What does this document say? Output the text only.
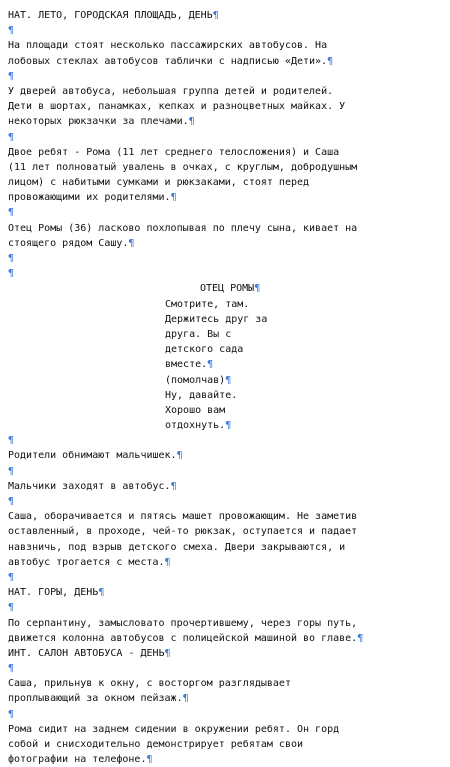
НАТ. ЛЕТО, ГОРОДСКАЯ ПЛОЩАДЬ, ДЕНЬ¶
¶
На площади стоят несколько пассажирских автобусов. На
лобовых стеклах автобусов таблички с надписью «Дети».¶
¶
У дверей автобуса, небольшая группа детей и родителей.
Дети в шортах, панамках, кепках и разноцветных майках. У
некоторых рюкзачки за плечами.¶
¶
Двое ребят - Рома (11 лет среднего телосложения) и Саша
(11 лет полноватый увалень в очках, с круглым, добродушным
лицом) с набитыми сумками и рюкзаками, стоят перед
провожающими их родителями.¶
¶
Отец Ромы (36) ласково похлопывая по плечу сына, кивает на
стоящего рядом Сашу.¶
¶
¶
ОТЕЦ РОМЫ¶
Смотрите, там.
Держитесь друг за
друга. Вы с
детского сада
вместе.¶
(помолчав)¶
Ну, давайте.
Хорошо вам
отдохнуть.¶
¶
Родители обнимают мальчишек.¶
¶
Мальчики заходят в автобус.¶
¶
Саша, оборачивается и пятясь машет провожающим. Не заметив
оставленный, в проходе, чей-то рюкзак, оступается и падает
навзничь, под взрыв детского смеха. Двери закрываются, и
автобус трогается с места.¶
¶
НАТ. ГОРЫ, ДЕНЬ¶
¶
По серпантину, замысловато прочертившему, через горы путь,
движется колонна автобусов с полицейской машиной во главе.¶
ИНТ. САЛОН АВТОБУСА - ДЕНЬ¶
¶
Саша, прильнув к окну, с восторгом разглядывает
проплывающий за окном пейзаж.¶
¶
Рома сидит на заднем сидении в окружении ребят. Он горд
собой и снисходительно демонстрирует ребятам свои
фотографии на телефоне.¶
